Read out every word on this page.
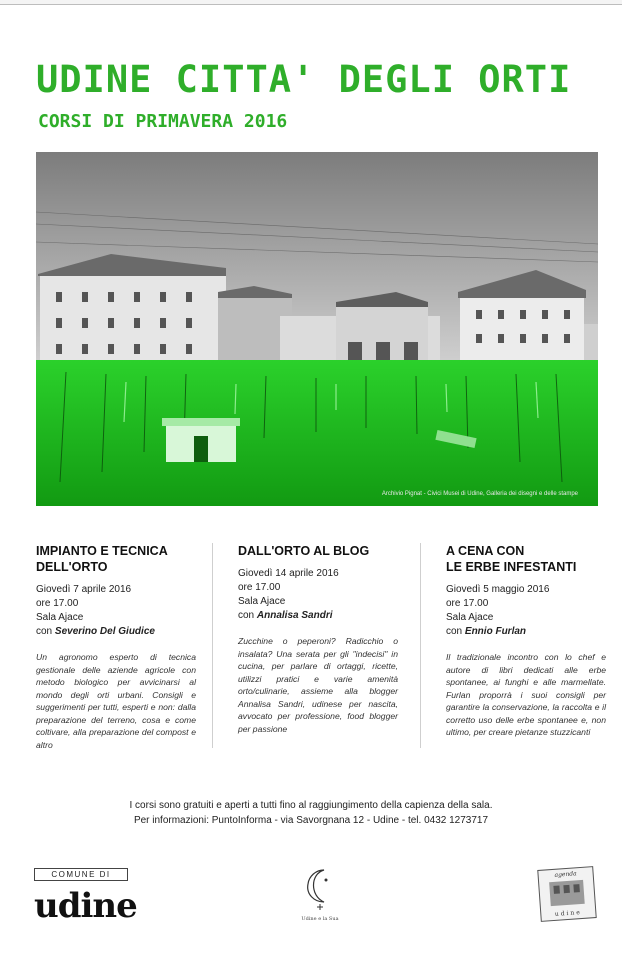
UDINE CITTA' DEGLI ORTI
CORSI DI PRIMAVERA 2016
Archivio Pignat - Civici Musei di Udine, Galleria dei disegni e delle stampe
IMPIANTO E TECNICA
DELL'ORTO
Giovedì 7 aprile 2016
ore 17.00
Sala Ajace
con Severino Del Giudice
Un agronomo esperto di tecnica gestionale delle aziende agricole con metodo biologico per avvicinarsi al mondo degli orti urbani. Consigli e suggerimenti per tutti, esperti e non: dalla preparazione del terreno, cosa e come coltivare, alla preparazione del compost e altro
DALL'ORTO AL BLOG
Giovedì 14 aprile 2016
ore 17.00
Sala Ajace
con Annalisa Sandri
Zucchine o peperoni? Radicchio o insalata? Una serata per gli "indecisi" in cucina, per parlare di ortaggi, ricette, utilizzi pratici e varie amenità orto/culinarie, assieme alla blogger Annalisa Sandri, udinese per nascita, avvocato per professione, food blogger per passione
A CENA CON
LE ERBE INFESTANTI
Giovedì 5 maggio 2016
ore 17.00
Sala Ajace
con Ennio Furlan
Il tradizionale incontro con lo chef e autore di libri dedicati alle erbe spontanee, ai funghi e alle marmellate. Furlan proporrà i suoi consigli per garantire la conservazione, la raccolta e il corretto uso delle erbe spontanee e, non ultimo, per creare pietanze stuzzicanti
I corsi sono gratuiti e aperti a tutti fino al raggiungimento della capienza della sala.
Per informazioni: PuntoInforma - via Savorgnana 12 - Udine - tel. 0432 1273717
COMUNE DI
udine	Udine e la Sua
agenda
udine
